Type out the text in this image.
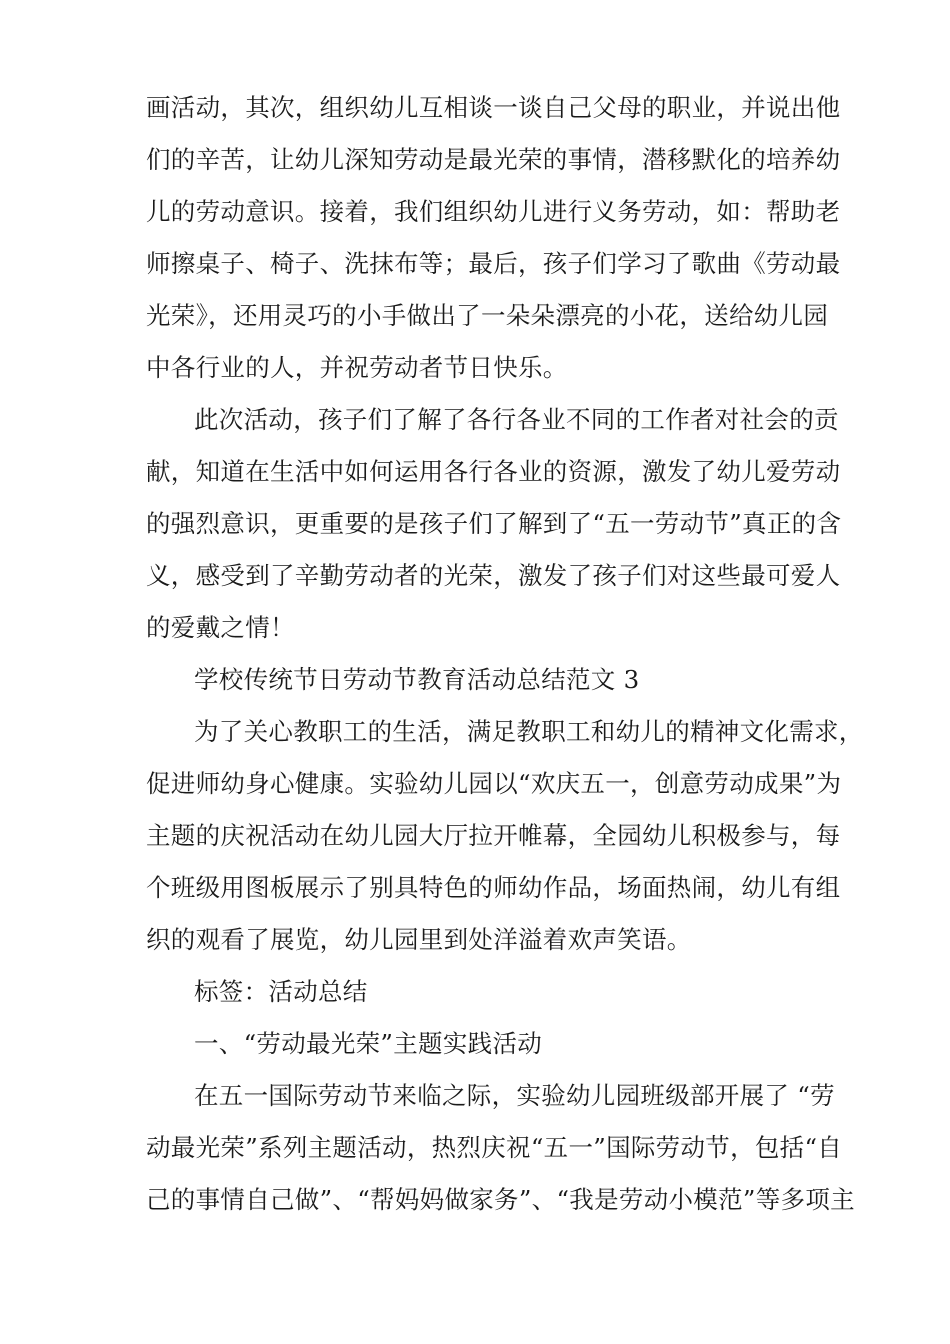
画活动，其次，组织幼儿互相谈一谈自己父母的职业，并说出他
们的辛苦，让幼儿深知劳动是最光荣的事情，潜移默化的培养幼
儿的劳动意识。接着，我们组织幼儿进行义务劳动，如：帮助老
师擦桌子、椅子、洗抹布等；最后，孩子们学习了歌曲《劳动最
光荣》，还用灵巧的小手做出了一朵朵漂亮的小花，送给幼儿园
中各行业的人，并祝劳动者节日快乐。
此次活动，孩子们了解了各行各业不同的工作者对社会的贡
献，知道在生活中如何运用各行各业的资源，激发了幼儿爱劳动
的强烈意识，更重要的是孩子们了解到了“五一劳动节”真正的含
义，感受到了辛勤劳动者的光荣，激发了孩子们对这些最可爱人
的爱戴之情！
学校传统节日劳动节教育活动总结范文 3
为了关心教职工的生活，满足教职工和幼儿的精神文化需求，
促进师幼身心健康。实验幼儿园以“欢庆五一，创意劳动成果”为
主题的庆祝活动在幼儿园大厅拉开帷幕，全园幼儿积极参与，每
个班级用图板展示了别具特色的师幼作品，场面热闹，幼儿有组
织的观看了展览，幼儿园里到处洋溢着欢声笑语。
标签：活动总结
一、“劳动最光荣”主题实践活动
在五一国际劳动节来临之际，实验幼儿园班级部开展了 “劳
动最光荣”系列主题活动，热烈庆祝“五一”国际劳动节，包括“自
己的事情自己做”、“帮妈妈做家务”、“我是劳动小模范”等多项主
